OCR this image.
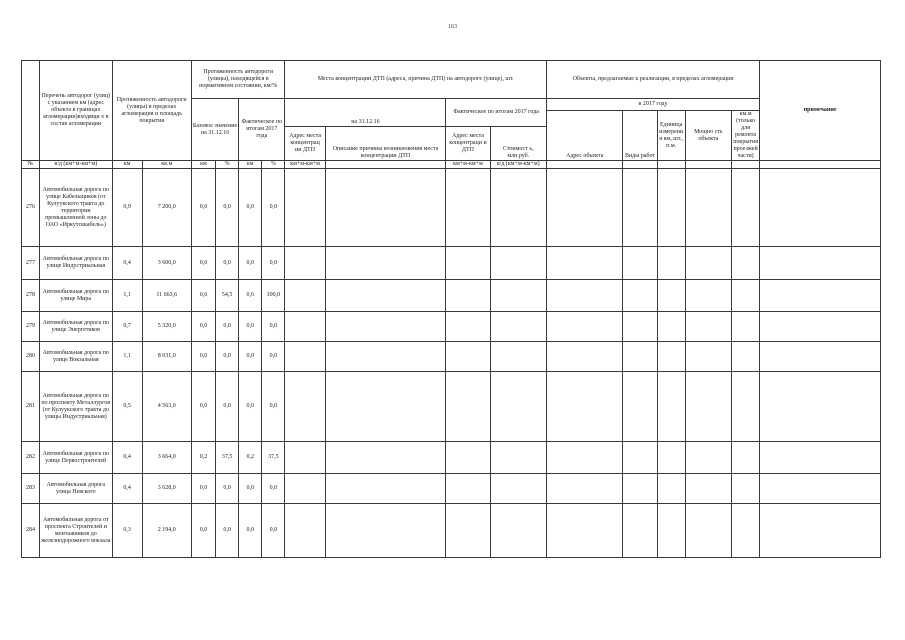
163
	Перечень автодорог (улиц) с указанием км (адрес объекта в границах агломерации)входящи х в состав агломерации	Протяженность автодороги (улицы) в пределах агломерация и площадь покрытия		Протяженность автодороги (улицы), находящейся в нормативном состоянии, км/%				Места концентрации ДТП (адреса, причина ДТП) на автодороге (улице), шт.				Объекты, предлагаемые к реализации, в пределах агломерации					примечание
				Базовое значение на 31.12.16		Фактическое по итогам 2017 года		на 31.12.16		Фактическое по итогам 2017 года		в 2017 году					
												Адрес объекта	Виды работ	Единица измерени я км, шт., п.м.	Мощно сть объекта	км.м (только для ремонта покрытия проезжей части)	
								Адрес места концентрац ии ДТП	Описание причины возникновения места концентрации ДТП	Адрес места концентраци и ДТП	Стоимост ь, млн.руб.						
№	в/д (км+м-км+м)	км	кв.м	км	%	км	%	км+м-км+м		км+м-км+м	в/д (км+м-км+м)						
276	Автомобильная дорога по улице Кабельщиков (от Кулуукского тракта до территории промышленной зоны до ОАО «Иркутсккабель»)	0,9	7 200,0	0,0	0,0	0,0	0,0										
277	Автомобильная дорога по улице Индустриальная	0,4	3 600,0	0,0	0,0	0,0	0,0										
278	Автомобильная дорога по улице Мира	1,1	11 663,6	0,6	54,5	0,6	100,0										
279	Автомобильная дорога по улице Энергетиков	0,7	5 320,0	0,0	0,0	0,0	0,0										
280	Автомобильная дорога по улице Вокзальная	1,1	8 031,0	0,0	0,0	0,0	0,0										
281	Автомобильная дорога по по проспекту Металлургов (от Кулуукского тракта до улицы Индустриальная)	0,5	4 563,0	0,0	0,0	0,0	0,0										
282	Автомобильная дорога по улице Первостроителей	0,4	3 664,0	0,2	37,5	0,2	37,5										
283	Автомобильная дорога улица Невского	0,4	3 628,0	0,0	0,0	0,0	0,0										
284	Автомобильная дорога от проспекта Строителей и монтажников до железнодорожного вокзала	0,3	2 194,0	0,0	0,0	0,0	0,0										
